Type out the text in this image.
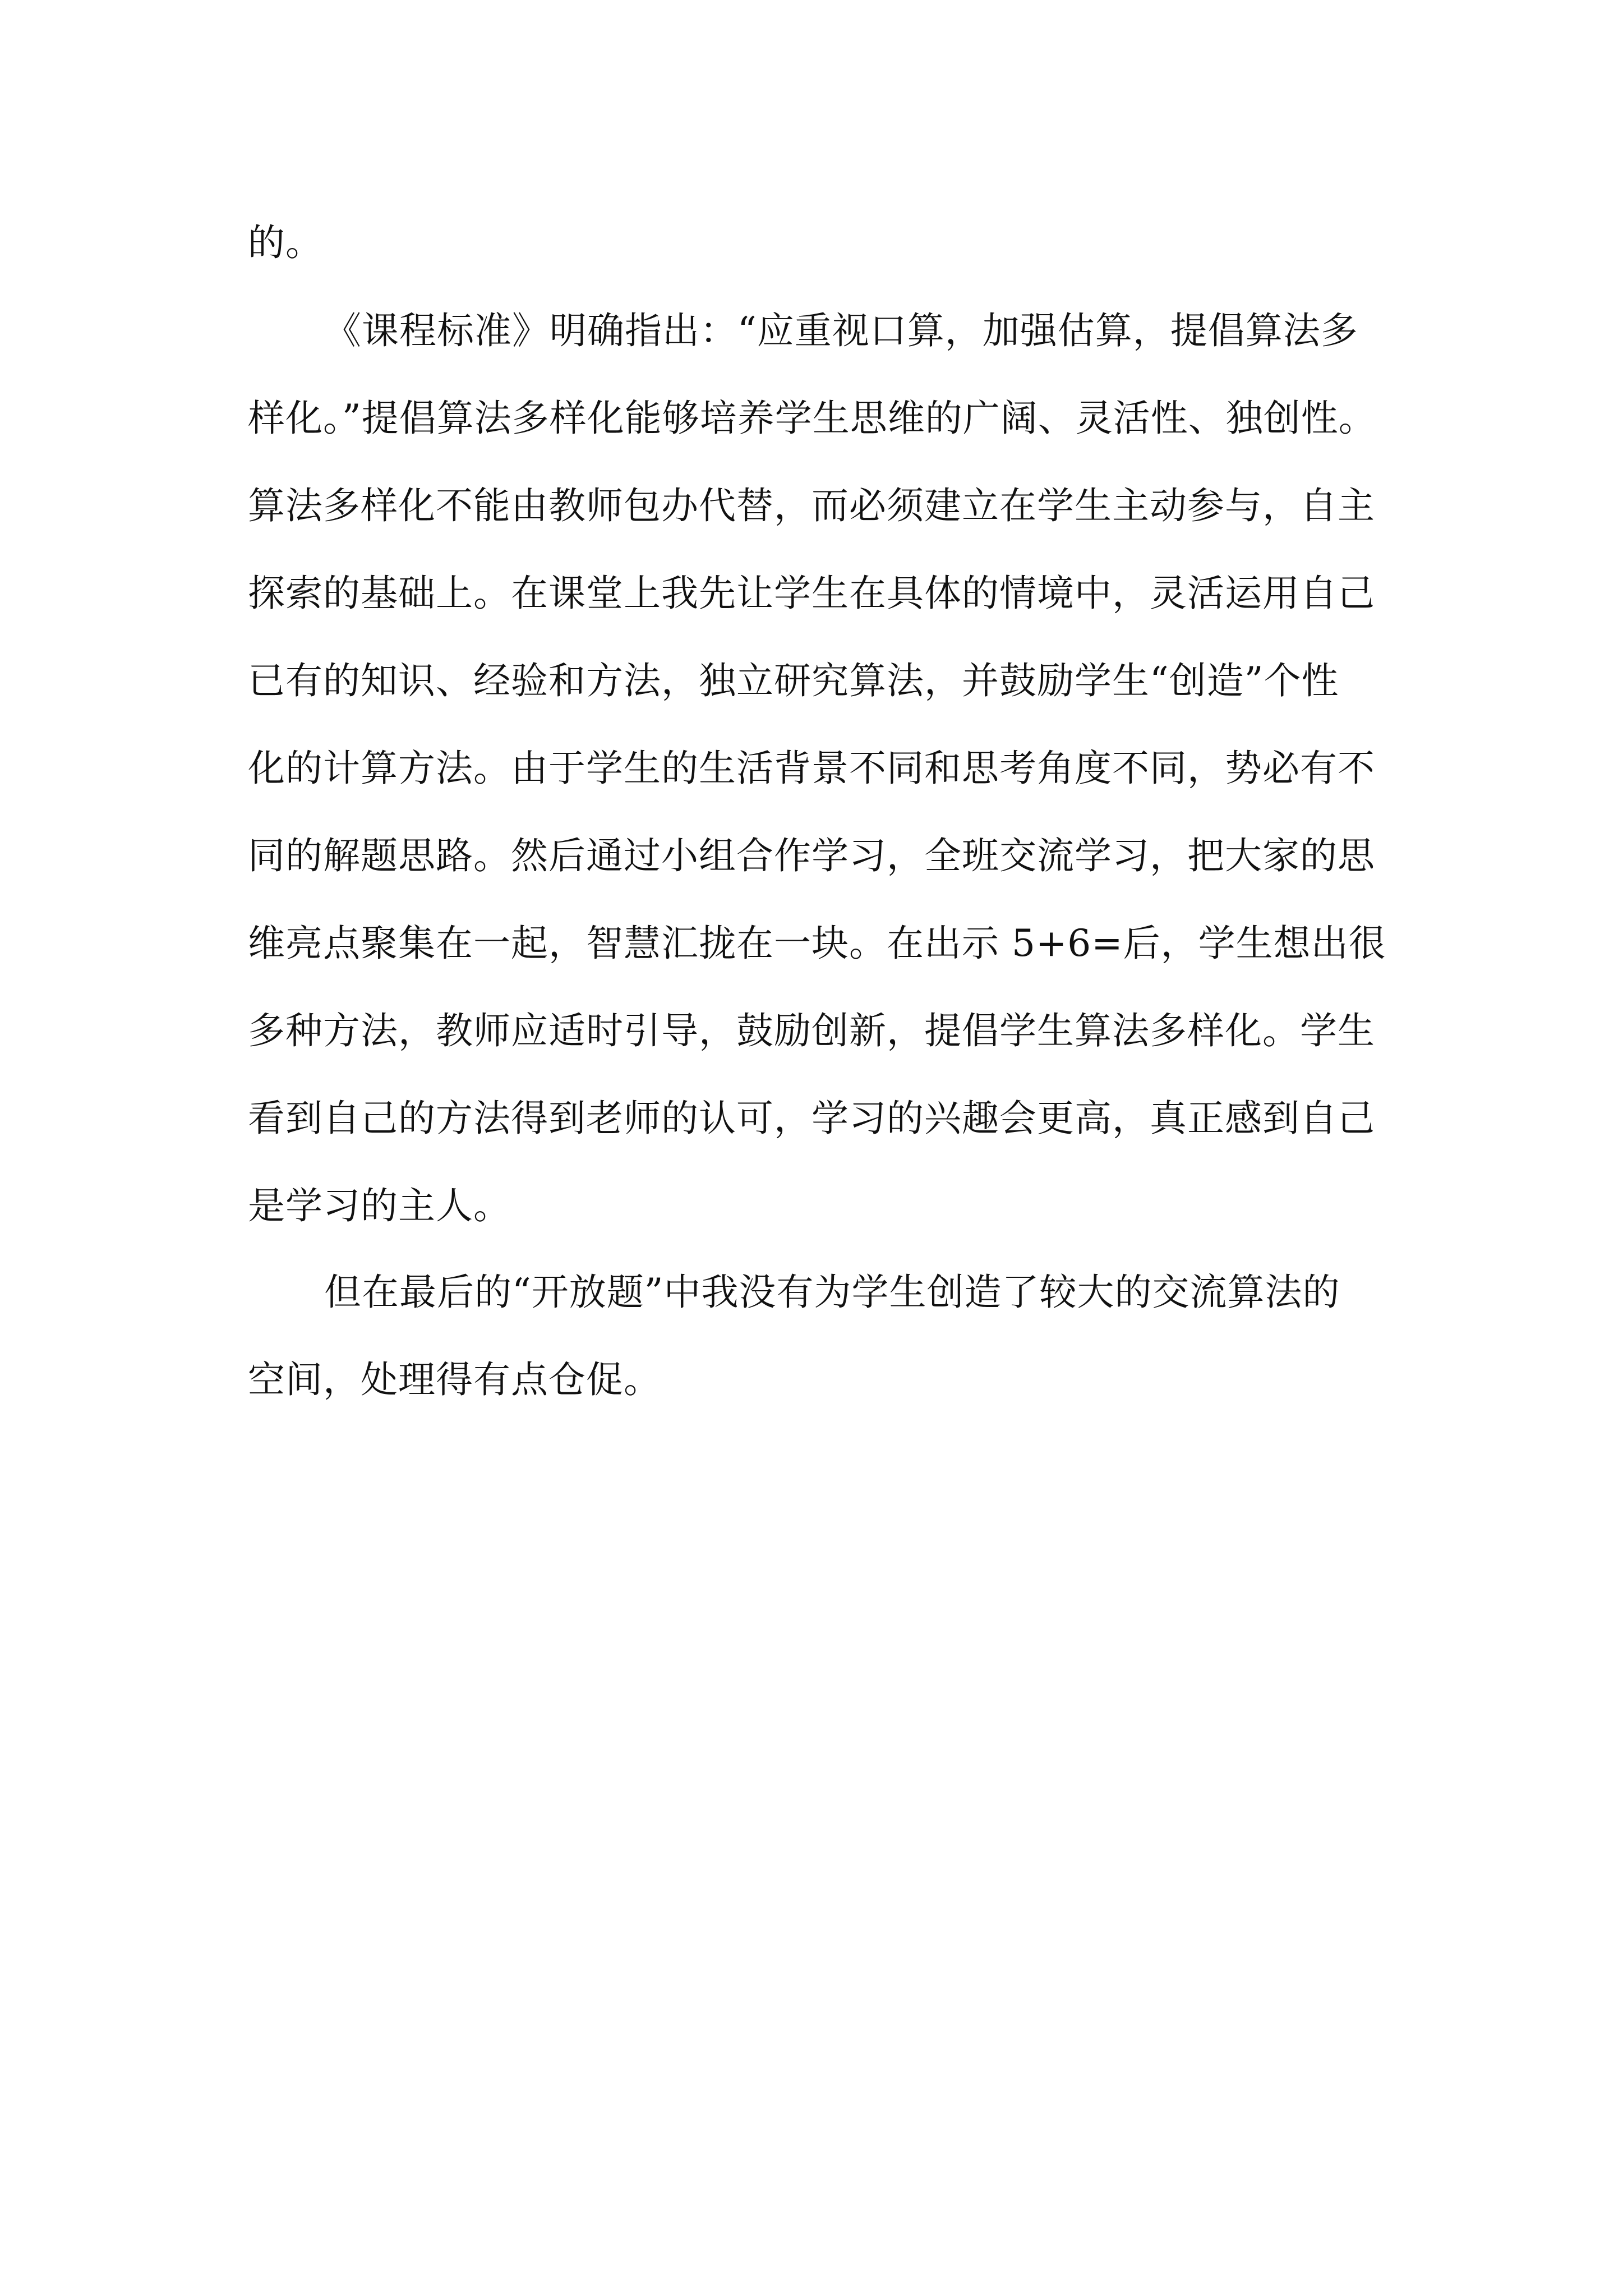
的。

《课程标准》明确指出：“应重视口算，加强估算，提倡算法多
样化。”提倡算法多样化能够培养学生思维的广阔、灵活性、独创性。
算法多样化不能由教师包办代替，而必须建立在学生主动参与，自主
探索的基础上。在课堂上我先让学生在具体的情境中，灵活运用自己
已有的知识、经验和方法，独立研究算法，并鼓励学生“创造”个性
化的计算方法。由于学生的生活背景不同和思考角度不同，势必有不
同的解题思路。然后通过小组合作学习，全班交流学习，把大家的思
维亮点聚集在一起，智慧汇拢在一块。在出示 5+6=后，学生想出很
多种方法，教师应适时引导，鼓励创新，提倡学生算法多样化。学生
看到自己的方法得到老师的认可，学习的兴趣会更高，真正感到自己
是学习的主人。

但在最后的“开放题”中我没有为学生创造了较大的交流算法的
空间，处理得有点仓促。
